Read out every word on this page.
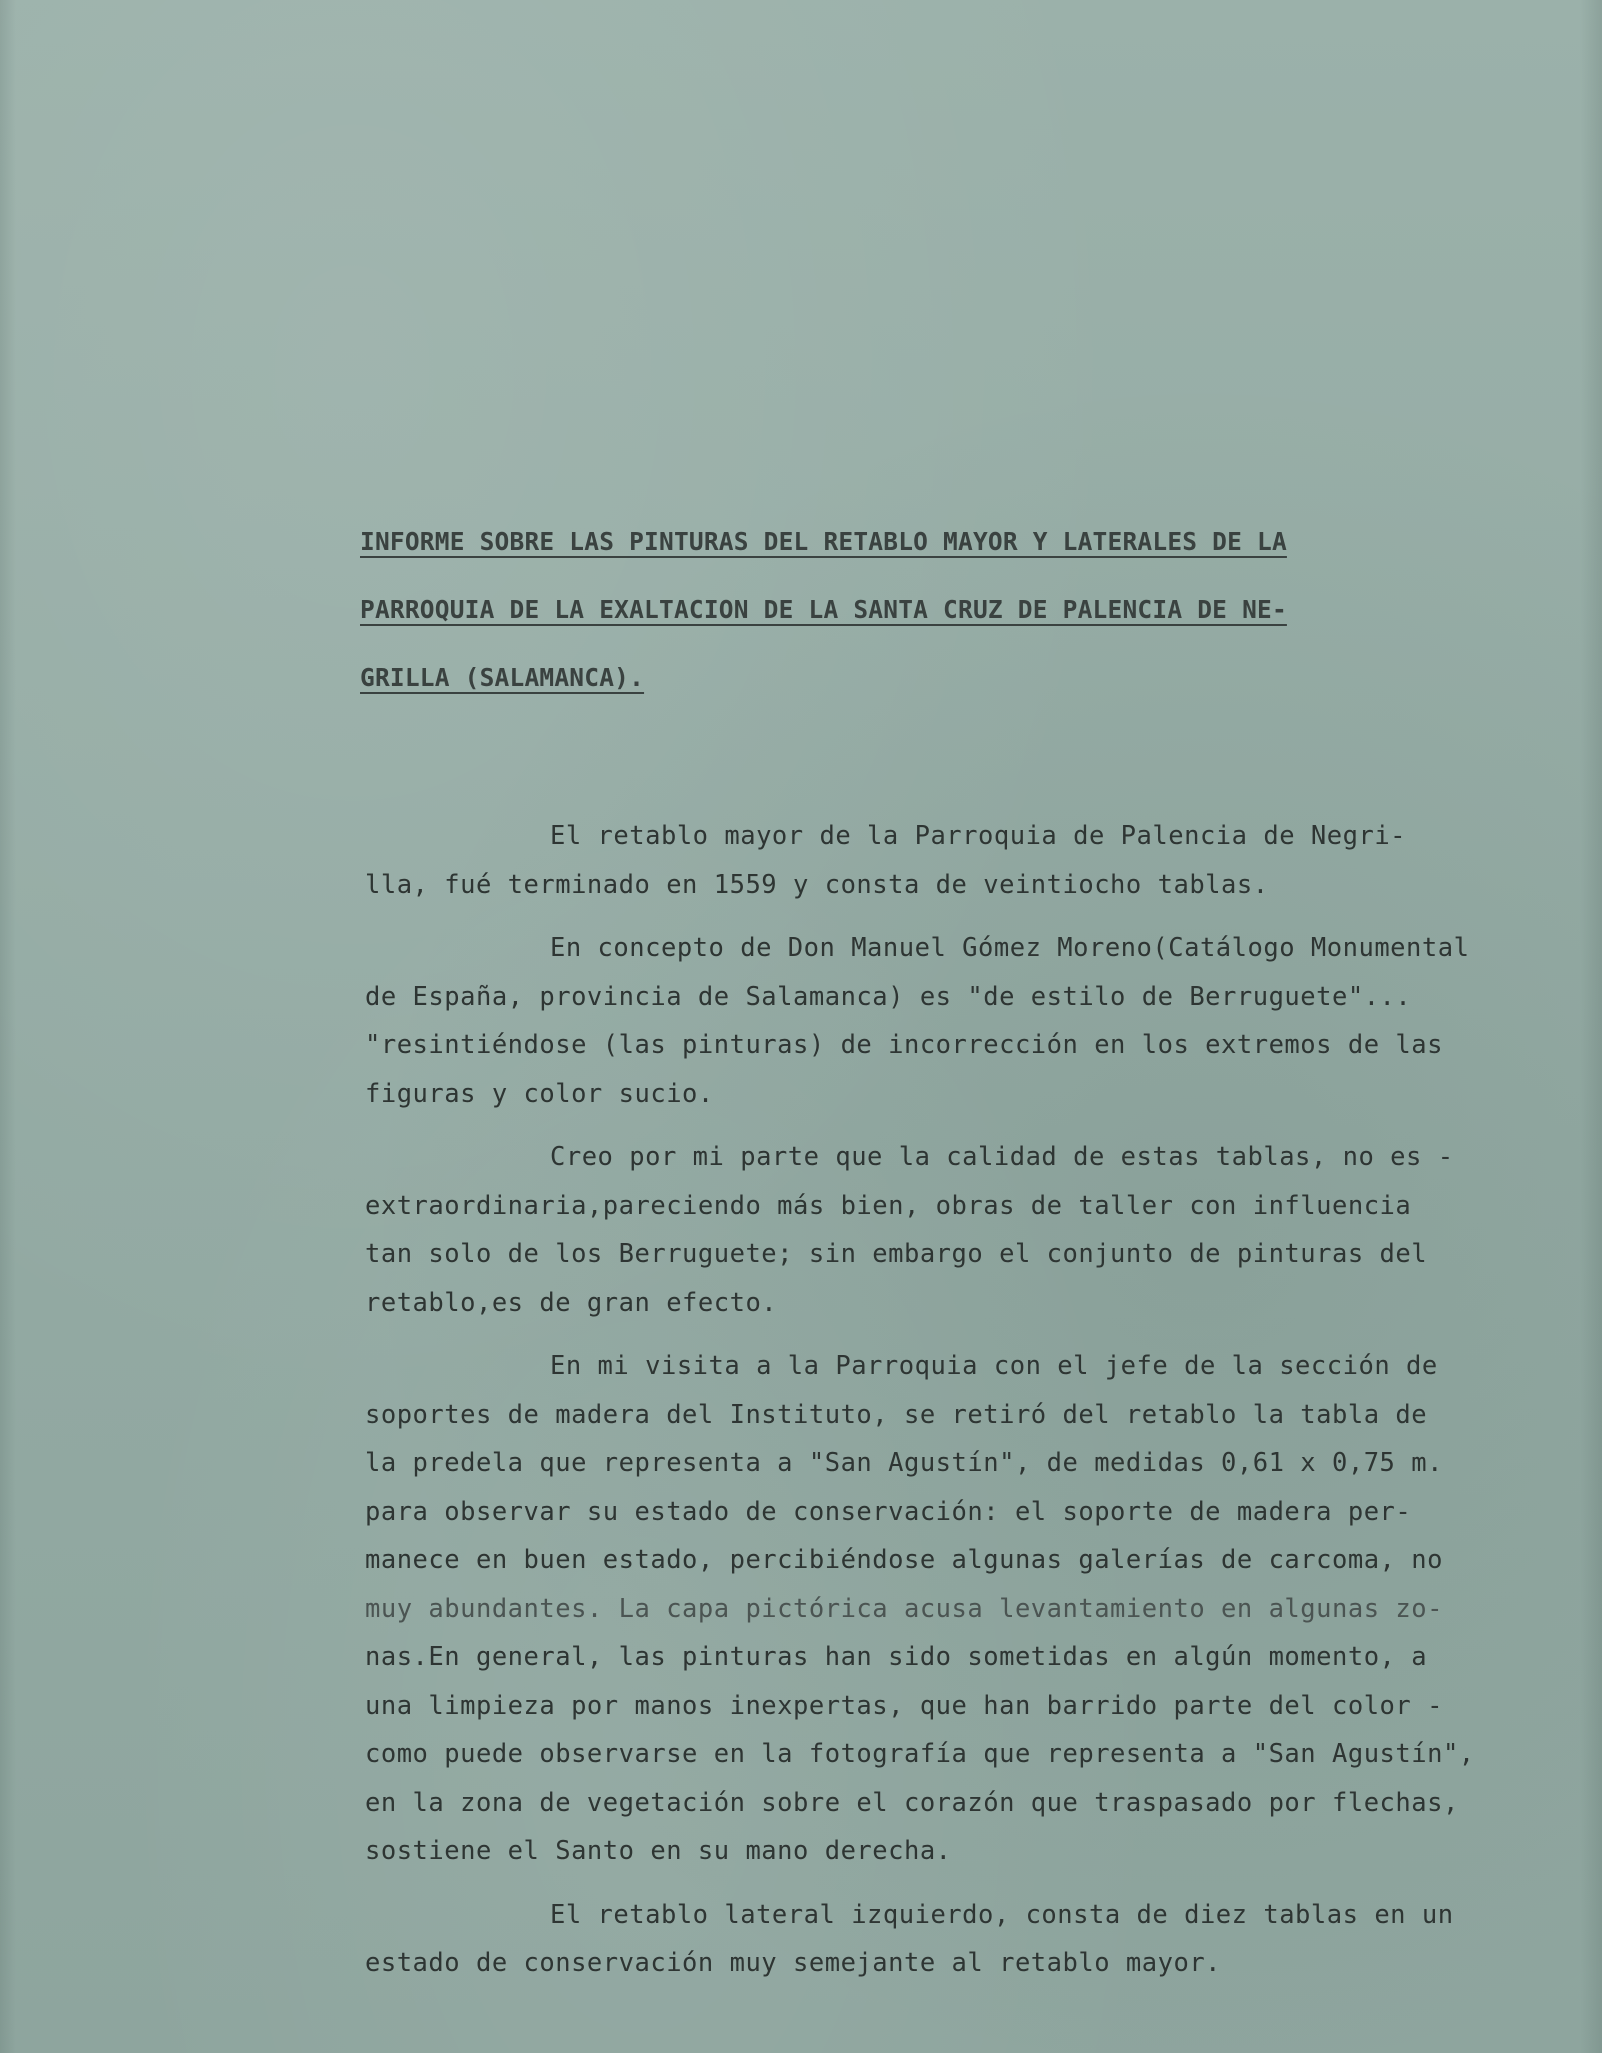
INFORME SOBRE LAS PINTURAS DEL RETABLO MAYOR Y LATERALES DE LA
PARROQUIA DE LA EXALTACION DE LA SANTA CRUZ DE PALENCIA DE NE-
GRILLA (SALAMANCA).

El retablo mayor de la Parroquia de Palencia de Negri-
lla, fué terminado en 1559 y consta de veintiocho tablas.

En concepto de Don Manuel Gómez Moreno(Catálogo Monumental
de España, provincia de Salamanca) es "de estilo de Berruguete"...
"resintiéndose (las pinturas) de incorrección en los extremos de las
figuras y color sucio.

Creo por mi parte que la calidad de estas tablas, no es -
extraordinaria,pareciendo más bien, obras de taller con influencia
tan solo de los Berruguete; sin embargo el conjunto de pinturas del
retablo,es de gran efecto.

En mi visita a la Parroquia con el jefe de la sección de
soportes de madera del Instituto, se retiró del retablo la tabla de
la predela que representa a "San Agustín", de medidas 0,61 x 0,75 m.
para observar su estado de conservación: el soporte de madera per-
manece en buen estado, percibiéndose algunas galerías de carcoma, no
muy abundantes. La capa pictórica acusa levantamiento en algunas zo-
nas.En general, las pinturas han sido sometidas en algún momento, a
una limpieza por manos inexpertas, que han barrido parte del color -
como puede observarse en la fotografía que representa a "San Agustín",
en la zona de vegetación sobre el corazón que traspasado por flechas,
sostiene el Santo en su mano derecha.

El retablo lateral izquierdo, consta de diez tablas en un
estado de conservación muy semejante al retablo mayor.
